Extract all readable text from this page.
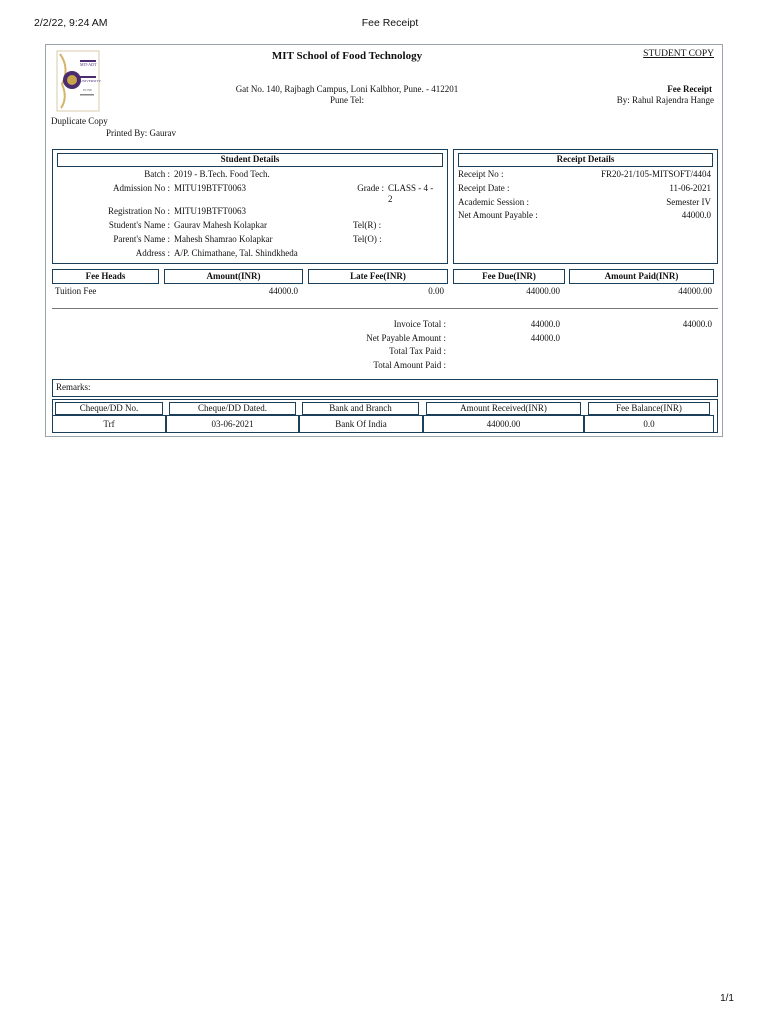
2/2/22, 9:24 AM	Fee Receipt
MIT-ADT
UNIVERSITY
PUNE
MIT School of Food Technology	STUDENT COPY
Gat No. 140, Rajbagh Campus, Loni Kalbhor, Pune. - 412201
Pune Tel:
Fee Receipt
By: Rahul Rajendra Hange
Duplicate Copy
Printed By: Gaurav
Student Details
Batch : 2019 - B.Tech. Food Tech.
Admission No : MITU19BTFT0063	Grade : CLASS - 4 -
2
Registration No : MITU19BTFT0063
Student's Name : Gaurav Mahesh Kolapkar	Tel(R) :
Parent's Name : Mahesh Shamrao Kolapkar	Tel(O) :
Address : A/P. Chimathane, Tal. Shindkheda
Receipt Details
Receipt No :	FR20-21/105-MITSOFT/4404
Receipt Date :	11-06-2021
Academic Session :	Semester IV
Net Amount Payable :	44000.0
Fee Heads	Amount(INR)	Late Fee(INR)	Fee Due(INR)	Amount Paid(INR)
Tuition Fee	44000.0	0.00	44000.00	44000.00
Invoice Total :	44000.0	44000.0
Net Payable Amount :	44000.0
Total Tax Paid :
Total Amount Paid :
Remarks:
Cheque/DD No.	Cheque/DD Dated.	Bank and Branch	Amount Received(INR)	Fee Balance(INR)
Trf	03-06-2021	Bank Of India	44000.00	0.0
1/1
